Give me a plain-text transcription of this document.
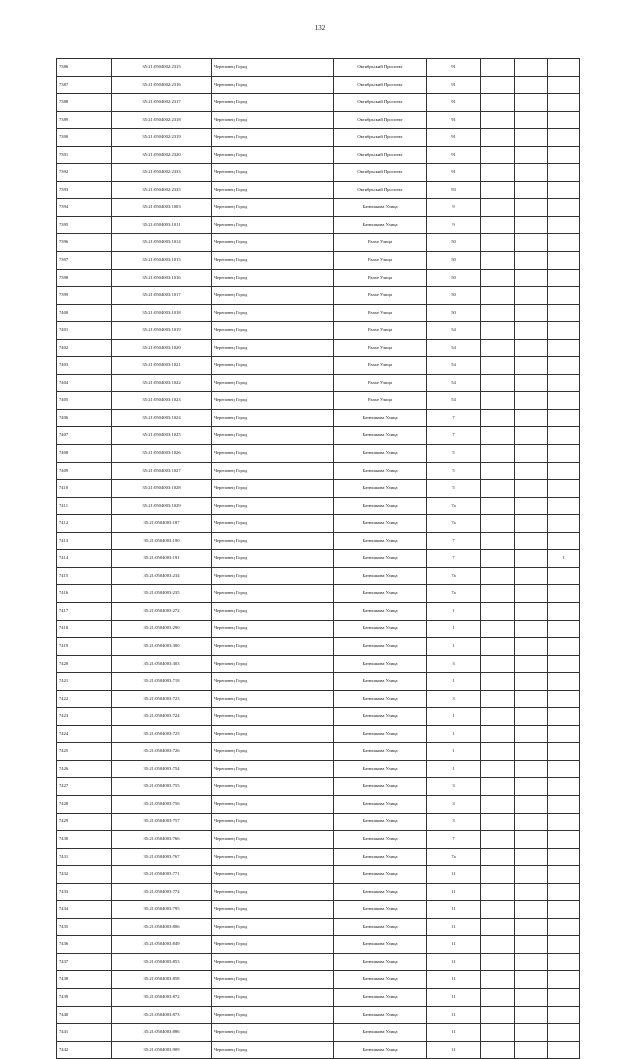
132
7386	35:21:0504002:2315	Череповец Город	Октябрьский Проспект	91			
7387	35:21:0504002:2316	Череповец Город	Октябрьский Проспект	91			
7388	35:21:0504002:2317	Череповец Город	Октябрьский Проспект	91			
7389	35:21:0504002:2318	Череповец Город	Октябрьский Проспект	91			
7390	35:21:0504002:2319	Череповец Город	Октябрьский Проспект	91			
7391	35:21:0504002:2320	Череповец Город	Октябрьский Проспект	91			
7392	35:21:0504002:2333	Череповец Город	Октябрьский Проспект	91			
7393	35:21:0504002:2335	Череповец Город	Октябрьский Проспект	93			
7394	35:21:0504003:1003	Череповец Город	Батюшкова Улица	9			
7395	35:21:0504003:1011	Череповец Город	Батюшкова Улица	9			
7396	35:21:0504003:1014	Череповец Город	Раахе Улица	50			
7397	35:21:0504003:1015	Череповец Город	Раахе Улица	50			
7398	35:21:0504003:1016	Череповец Город	Раахе Улица	50			
7399	35:21:0504003:1017	Череповец Город	Раахе Улица	50			
7400	35:21:0504003:1018	Череповец Город	Раахе Улица	50			
7401	35:21:0504003:1019	Череповец Город	Раахе Улица	54			
7402	35:21:0504003:1020	Череповец Город	Раахе Улица	54			
7403	35:21:0504003:1021	Череповец Город	Раахе Улица	54			
7404	35:21:0504003:1022	Череповец Город	Раахе Улица	54			
7405	35:21:0504003:1023	Череповец Город	Раахе Улица	54			
7406	35:21:0504003:1024	Череповец Город	Батюшкова Улица	7			
7407	35:21:0504003:1025	Череповец Город	Батюшкова Улица	7			
7408	35:21:0504003:1026	Череповец Город	Батюшкова Улица	5			
7409	35:21:0504003:1027	Череповец Город	Батюшкова Улица	5			
7410	35:21:0504003:1028	Череповец Город	Батюшкова Улица	5			
7411	35:21:0504003:1029	Череповец Город	Батюшкова Улица	7а			
7412	35:21:0504003:187	Череповец Город	Батюшкова Улица	7а			
7413	35:21:0504003:190	Череповец Город	Батюшкова Улица	7			
7414	35:21:0504003:191	Череповец Город	Батюшкова Улица	7			1
7415	35:21:0504003:234	Череповец Город	Батюшкова Улица	7а			
7416	35:21:0504003:235	Череповец Город	Батюшкова Улица	7а			
7417	35:21:0504003:272	Череповец Город	Батюшкова Улица	1			
7418	35:21:0504003:290	Череповец Город	Батюшкова Улица	1			
7419	35:21:0504003:300	Череповец Город	Батюшкова Улица	1			
7420	35:21:0504003:303	Череповец Город	Батюшкова Улица	3			
7421	35:21:0504003:718	Череповец Город	Батюшкова Улица	1			
7422	35:21:0504003:723	Череповец Город	Батюшкова Улица	3			
7423	35:21:0504003:724	Череповец Город	Батюшкова Улица	1			
7424	35:21:0504003:725	Череповец Город	Батюшкова Улица	1			
7425	35:21:0504003:726	Череповец Город	Батюшкова Улица	1			
7426	35:21:0504003:754	Череповец Город	Батюшкова Улица	1			
7427	35:21:0504003:755	Череповец Город	Батюшкова Улица	3			
7428	35:21:0504003:756	Череповец Город	Батюшкова Улица	3			
7429	35:21:0504003:757	Череповец Город	Батюшкова Улица	3			
7430	35:21:0504003:766	Череповец Город	Батюшкова Улица	7			
7431	35:21:0504003:767	Череповец Город	Батюшкова Улица	7а			
7432	35:21:0504003:771	Череповец Город	Батюшкова Улица	11			
7433	35:21:0504003:774	Череповец Город	Батюшкова Улица	11			
7434	35:21:0504003:795	Череповец Город	Батюшкова Улица	11			
7435	35:21:0504003:806	Череповец Город	Батюшкова Улица	11			
7436	35:21:0504003:849	Череповец Город	Батюшкова Улица	11			
7437	35:21:0504003:853	Череповец Город	Батюшкова Улица	11			
7438	35:21:0504003:858	Череповец Город	Батюшкова Улица	11			
7439	35:21:0504003:872	Череповец Город	Батюшкова Улица	11			
7440	35:21:0504003:873	Череповец Город	Батюшкова Улица	11			
7441	35:21:0504003:886	Череповец Город	Батюшкова Улица	11			
7442	35:21:0504003:909	Череповец Город	Батюшкова Улица	11			
